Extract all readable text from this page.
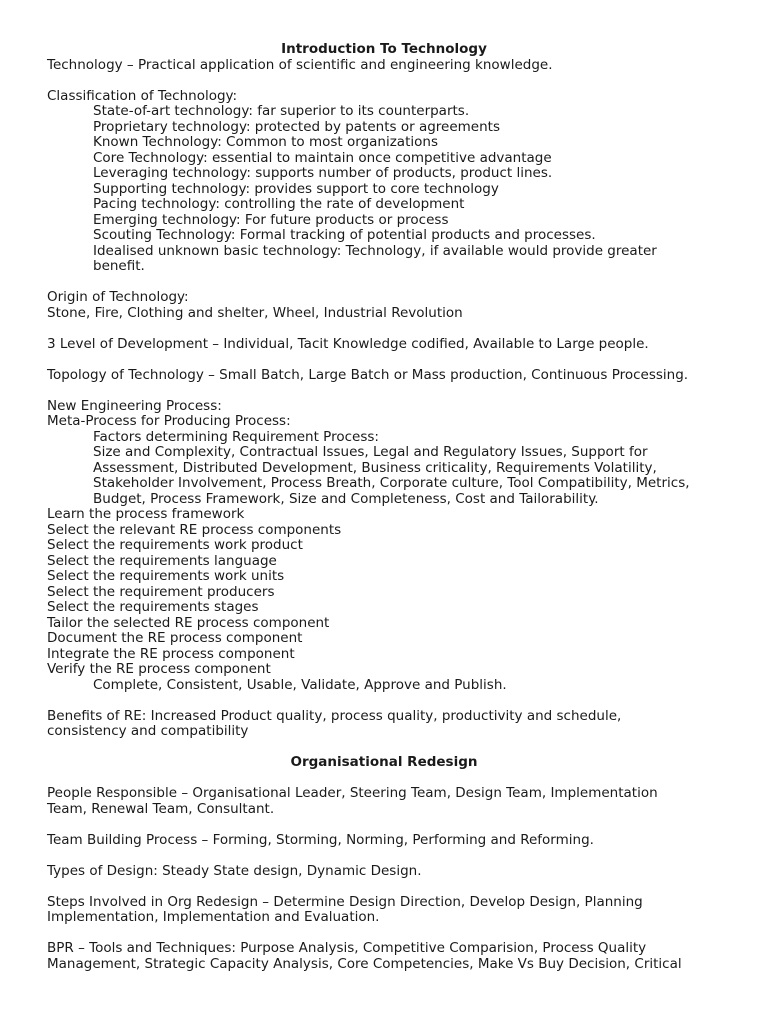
Introduction To Technology
Technology – Practical application of scientific and engineering knowledge.
Classification of Technology:
State-of-art technology: far superior to its counterparts.
Proprietary technology: protected by patents or agreements
Known Technology: Common to most organizations
Core Technology: essential to maintain once competitive advantage
Leveraging technology: supports number of products, product lines.
Supporting technology: provides support to core technology
Pacing technology: controlling the rate of development
Emerging technology: For future products or process
Scouting Technology: Formal tracking of potential products and processes.
Idealised unknown basic technology: Technology, if available would provide greater
benefit.
Origin of Technology:
Stone, Fire, Clothing and shelter, Wheel, Industrial Revolution
3 Level of Development – Individual, Tacit Knowledge codified, Available to Large people.
Topology of Technology – Small Batch, Large Batch or Mass production, Continuous Processing.
New Engineering Process:
Meta-Process for Producing Process:
Factors determining Requirement Process:
Size and Complexity, Contractual Issues, Legal and Regulatory Issues, Support for
Assessment, Distributed Development, Business criticality, Requirements Volatility,
Stakeholder Involvement, Process Breath, Corporate culture, Tool Compatibility, Metrics,
Budget, Process Framework, Size and Completeness, Cost and Tailorability.
Learn the process framework
Select the relevant RE process components
Select the requirements work product
Select the requirements language
Select the requirements work units
Select the requirement producers
Select the requirements stages
Tailor the selected RE process component
Document the RE process component
Integrate the RE process component
Verify the RE process component
Complete, Consistent, Usable, Validate, Approve and Publish.
Benefits of RE: Increased Product quality, process quality, productivity and schedule,
consistency and compatibility
Organisational Redesign
People Responsible – Organisational Leader, Steering Team, Design Team, Implementation
Team, Renewal Team, Consultant.
Team Building Process – Forming, Storming, Norming, Performing and Reforming.
Types of Design: Steady State design, Dynamic Design.
Steps Involved in Org Redesign – Determine Design Direction, Develop Design, Planning
Implementation, Implementation and Evaluation.
BPR – Tools and Techniques: Purpose Analysis, Competitive Comparision, Process Quality
Management, Strategic Capacity Analysis, Core Competencies, Make Vs Buy Decision, Critical
